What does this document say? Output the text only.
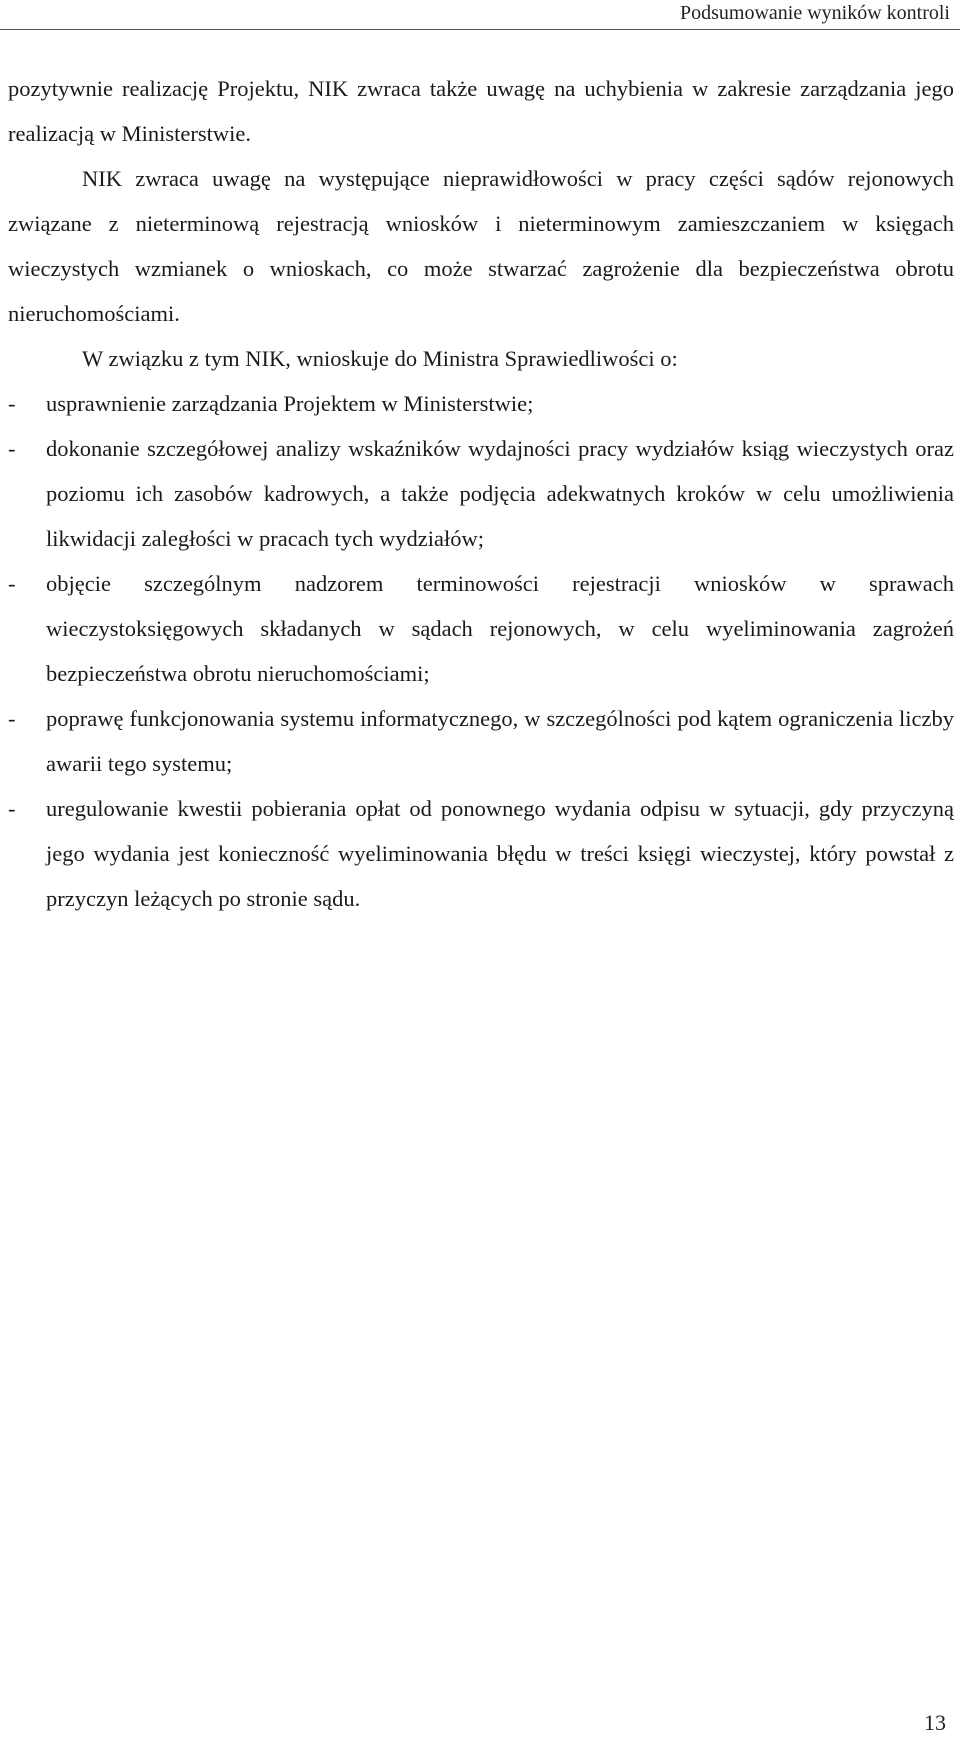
Podsumowanie wyników kontroli

pozytywnie realizację Projektu, NIK zwraca także uwagę na uchybienia w zakresie zarządzania jego realizacją w Ministerstwie.

NIK zwraca uwagę na występujące nieprawidłowości w pracy części sądów rejonowych związane z nieterminową rejestracją wniosków i nieterminowym zamieszczaniem w księgach wieczystych wzmianek o wnioskach, co może stwarzać zagrożenie dla bezpieczeństwa obrotu nieruchomościami.

W związku z tym NIK, wnioskuje do Ministra Sprawiedliwości o:

- usprawnienie zarządzania Projektem w Ministerstwie;
- dokonanie szczegółowej analizy wskaźników wydajności pracy wydziałów ksiąg wieczystych oraz poziomu ich zasobów kadrowych, a także podjęcia adekwatnych kroków w celu umożliwienia likwidacji zaległości w pracach tych wydziałów;
- objęcie szczególnym nadzorem terminowości rejestracji wniosków w sprawach wieczystoksięgowych składanych w sądach rejonowych, w celu wyeliminowania zagrożeń bezpieczeństwa obrotu nieruchomościami;
- poprawę funkcjonowania systemu informatycznego, w szczególności pod kątem ograniczenia liczby awarii tego systemu;
- uregulowanie kwestii pobierania opłat od ponownego wydania odpisu w sytuacji, gdy przyczyną jego wydania jest konieczność wyeliminowania błędu w treści księgi wieczystej, który powstał z przyczyn leżących po stronie sądu.
13
